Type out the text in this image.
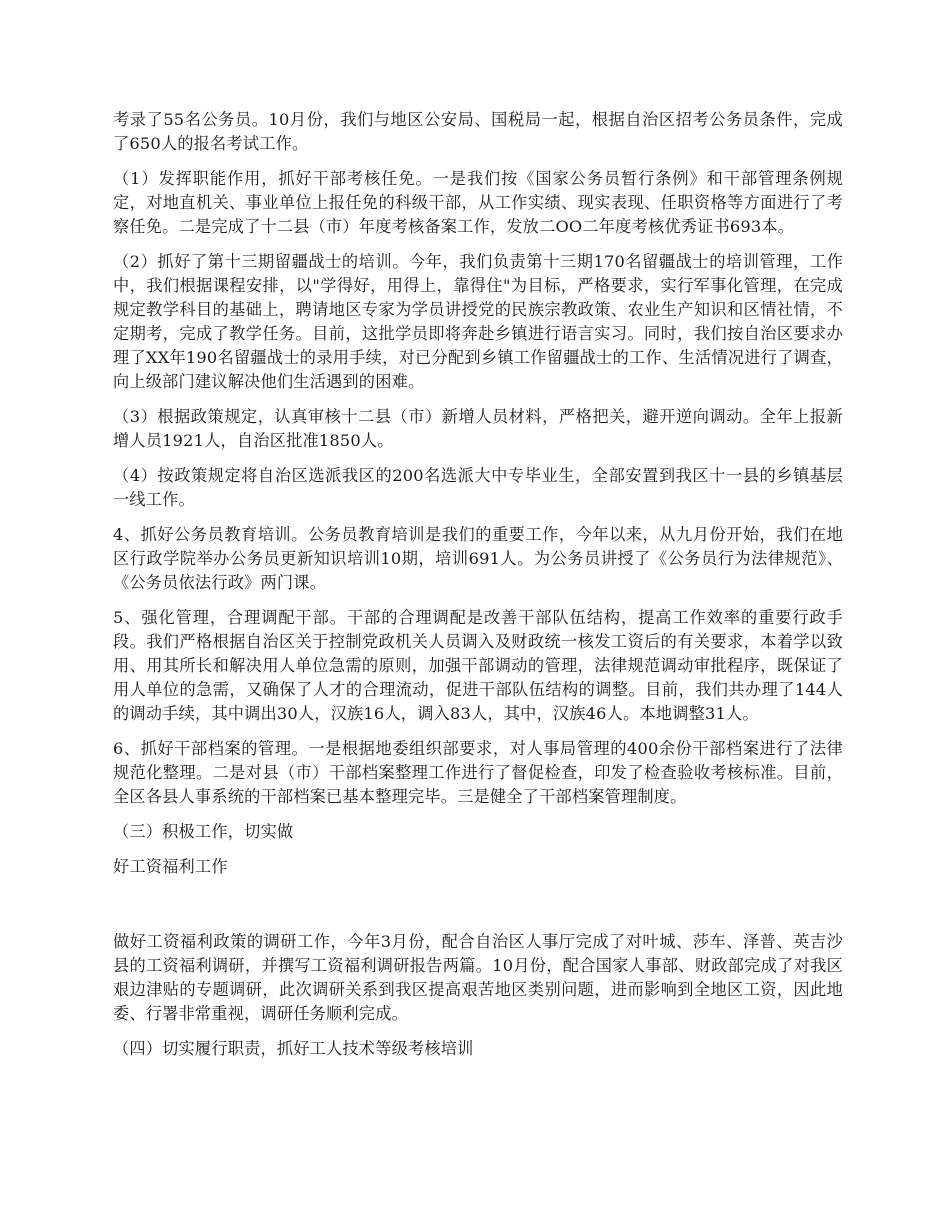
考录了55名公务员。10月份，我们与地区公安局、国税局一起，根据自治区招考公务员条件，完成了650人的报名考试工作。

（1）发挥职能作用，抓好干部考核任免。一是我们按《国家公务员暂行条例》和干部管理条例规定，对地直机关、事业单位上报任免的科级干部，从工作实绩、现实表现、任职资格等方面进行了考察任免。二是完成了十二县（市）年度考核备案工作，发放二OO二年度考核优秀证书693本。

（2）抓好了第十三期留疆战士的培训。今年，我们负责第十三期170名留疆战士的培训管理，工作中，我们根据课程安排，以"学得好，用得上，靠得住"为目标，严格要求，实行军事化管理，在完成规定教学科目的基础上，聘请地区专家为学员讲授党的民族宗教政策、农业生产知识和区情社情，不定期考，完成了教学任务。目前，这批学员即将奔赴乡镇进行语言实习。同时，我们按自治区要求办理了XX年190名留疆战士的录用手续，对已分配到乡镇工作留疆战士的工作、生活情况进行了调查，向上级部门建议解决他们生活遇到的困难。

（3）根据政策规定，认真审核十二县（市）新增人员材料，严格把关，避开逆向调动。全年上报新增人员1921人，自治区批准1850人。

（4）按政策规定将自治区选派我区的200名选派大中专毕业生，全部安置到我区十一县的乡镇基层一线工作。

4、抓好公务员教育培训。公务员教育培训是我们的重要工作，今年以来，从九月份开始，我们在地区行政学院举办公务员更新知识培训10期，培训691人。为公务员讲授了《公务员行为法律规范》、《公务员依法行政》两门课。

5、强化管理，合理调配干部。干部的合理调配是改善干部队伍结构，提高工作效率的重要行政手段。我们严格根据自治区关于控制党政机关人员调入及财政统一核发工资后的有关要求，本着学以致用、用其所长和解决用人单位急需的原则，加强干部调动的管理，法律规范调动审批程序，既保证了用人单位的急需，又确保了人才的合理流动，促进干部队伍结构的调整。目前，我们共办理了144人的调动手续，其中调出30人，汉族16人，调入83人，其中，汉族46人。本地调整31人。

6、抓好干部档案的管理。一是根据地委组织部要求，对人事局管理的400余份干部档案进行了法律规范化整理。二是对县（市）干部档案整理工作进行了督促检查，印发了检查验收考核标准。目前，全区各县人事系统的干部档案已基本整理完毕。三是健全了干部档案管理制度。

（三）积极工作，切实做

好工资福利工作

做好工资福利政策的调研工作，今年3月份，配合自治区人事厅完成了对叶城、莎车、泽普、英吉沙县的工资福利调研，并撰写工资福利调研报告两篇。10月份，配合国家人事部、财政部完成了对我区艰边津贴的专题调研，此次调研关系到我区提高艰苦地区类别问题，进而影响到全地区工资，因此地委、行署非常重视，调研任务顺利完成。

（四）切实履行职责，抓好工人技术等级考核培训
